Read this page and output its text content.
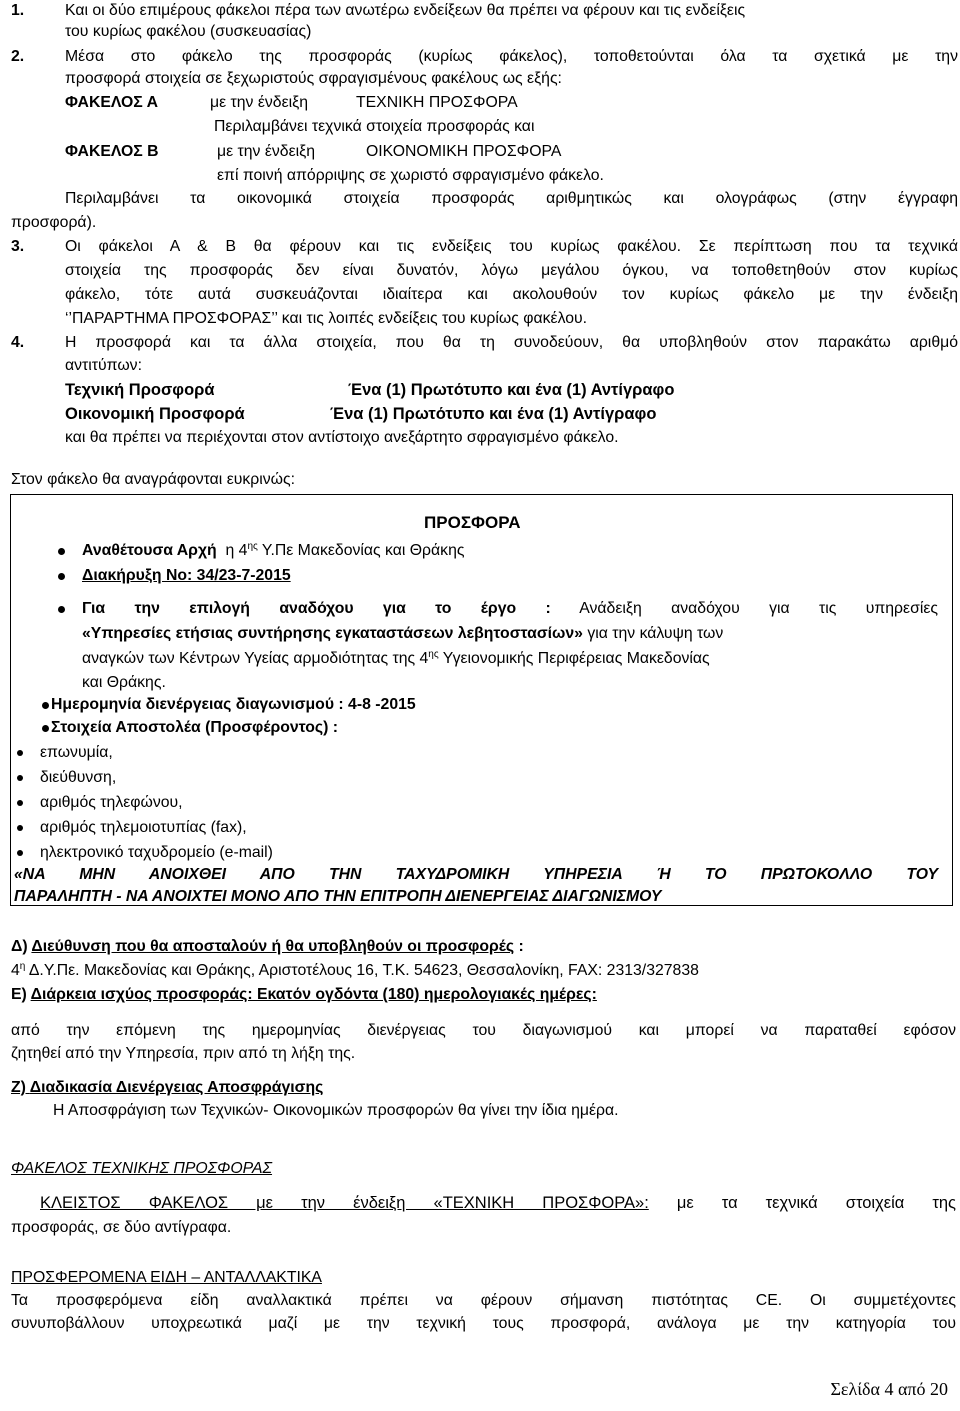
1.	Και οι δύο επιμέρους φάκελοι πέρα των ανωτέρω ενδείξεων θα πρέπει να φέρουν και τις ενδείξεις
του κυρίως φακέλου (συσκευασίας)
2.	Μέσα στο φάκελο της προσφοράς (κυρίως φάκελος), τοποθετούνται όλα τα σχετικά με την
προσφορά στοιχεία σε ξεχωριστούς σφραγισμένους φακέλους ως εξής:
ΦΑΚΕΛΟΣ Α	με την ένδειξη	ΤΕΧΝΙΚΗ ΠΡΟΣΦΟΡΑ
Περιλαμβάνει τεχνικά στοιχεία προσφοράς και
ΦΑΚΕΛΟΣ Β	με την ένδειξη	ΟΙΚΟΝΟΜΙΚΗ ΠΡΟΣΦΟΡΑ
επί ποινή απόρριψης σε χωριστό σφραγισμένο φάκελο.
Περιλαμβάνει τα οικονομικά στοιχεία προσφοράς αριθμητικώς και ολογράφως (στην έγγραφη
προσφορά).
3.	Οι φάκελοι Α & Β θα φέρουν και τις ενδείξεις του κυρίως φακέλου. Σε περίπτωση που τα τεχνικά
στοιχεία της προσφοράς δεν είναι δυνατόν, λόγω μεγάλου όγκου, να τοποθετηθούν στον κυρίως
φάκελο, τότε αυτά συσκευάζονται ιδιαίτερα και ακολουθούν τον κυρίως φάκελο με την ένδειξη
‘’ΠΑΡΑΡΤΗΜΑ ΠΡΟΣΦΟΡΑΣ’’ και τις λοιπές ενδείξεις του κυρίως φακέλου.
4.	Η προσφορά και τα άλλα στοιχεία, που θα τη συνοδεύουν, θα υποβληθούν στον παρακάτω αριθμό
αντιτύπων:
Τεχνική Προσφορά	Ένα (1) Πρωτότυπο και ένα (1) Αντίγραφο
Οικονομική Προσφορά	Ένα (1) Πρωτότυπο και ένα (1) Αντίγραφο
και θα πρέπει να περιέχονται στον αντίστοιχο ανεξάρτητο σφραγισμένο φάκελο.
Στον φάκελο θα αναγράφονται ευκρινώς:
ΠΡΟΣΦΟΡΑ
Αναθέτουσα Αρχή η $4^{\eta\varsigma}$ Υ.Πε Μακεδονίας και Θράκης
Διακήρυξη Νο: 34/23-7-2015
Για την επιλογή αναδόχου για το έργο : Ανάδειξη αναδόχου για τις υπηρεσίες
«Υπηρεσίες ετήσιας συντήρησης εγκαταστάσεων λεβητοστασίων» για την κάλυψη των
αναγκών των Κέντρων Υγείας αρμοδιότητας της $4^{\eta\varsigma}$ Υγειονομικής Περιφέρειας Μακεδονίας
και Θράκης.
Ημερομηνία διενέργειας διαγωνισμού : 4-8 -2015
Στοιχεία Αποστολέα (Προσφέροντος) :
επωνυμία,
διεύθυνση,
αριθμός τηλεφώνου,
αριθμός τηλεμοιοτυπίας (fax),
ηλεκτρονικό ταχυδρομείο (e-mail)
«ΝΑ ΜΗΝ ΑΝΟΙΧΘΕΙ ΑΠΟ ΤΗΝ ΤΑΧΥΔΡΟΜΙΚΗ ΥΠΗΡΕΣΙΑ Ή ΤΟ ΠΡΩΤΟΚΟΛΛΟ ΤΟΥ
ΠΑΡΑΛΗΠΤΗ - ΝΑ ΑΝΟΙΧΤΕΙ ΜΟΝΟ ΑΠΟ ΤΗΝ ΕΠΙΤΡΟΠΗ ΔΙΕΝΕΡΓΕΙΑΣ ΔΙΑΓΩΝΙΣΜΟΥ
Δ) Διεύθυνση που θα αποσταλούν ή θα υποβληθούν οι προσφορές :
$4^\eta$ Δ.Υ.Πε. Μακεδονίας και Θράκης, Αριστοτέλους 16, Τ.Κ. 54623, Θεσσαλονίκη, FAX: 2313/327838
Ε) Διάρκεια ισχύος προσφοράς: Εκατόν ογδόντα (180) ημερολογιακές ημέρες:
από την επόμενη της ημερομηνίας διενέργειας του διαγωνισμού και μπορεί να παραταθεί εφόσον
ζητηθεί από την Υπηρεσία, πριν από τη λήξη της.
Ζ) Διαδικασία Διενέργειας Αποσφράγισης
Η Αποσφράγιση των Τεχνικών- Οικονομικών προσφορών θα γίνει την ίδια ημέρα.
ΦΑΚΕΛΟΣ ΤΕΧΝΙΚΗΣ ΠΡΟΣΦΟΡΑΣ
ΚΛΕΙΣΤΟΣ ΦΑΚΕΛΟΣ με την ένδειξη «ΤΕΧΝΙΚΗ ΠΡΟΣΦΟΡΑ»: με τα τεχνικά στοιχεία της
προσφοράς, σε δύο αντίγραφα.
ΠΡΟΣΦΕΡΟΜΕΝΑ ΕΙΔΗ – ΑΝΤΑΛΛΑΚΤΙΚΑ
Τα προσφερόμενα είδη αναλλακτικά πρέπει να φέρουν σήμανση πιστότητας CE. Οι συμμετέχοντες
συνυποβάλλουν υποχρεωτικά μαζί με την τεχνική τους προσφορά, ανάλογα με την κατηγορία του
Σελίδα 4 από 20
